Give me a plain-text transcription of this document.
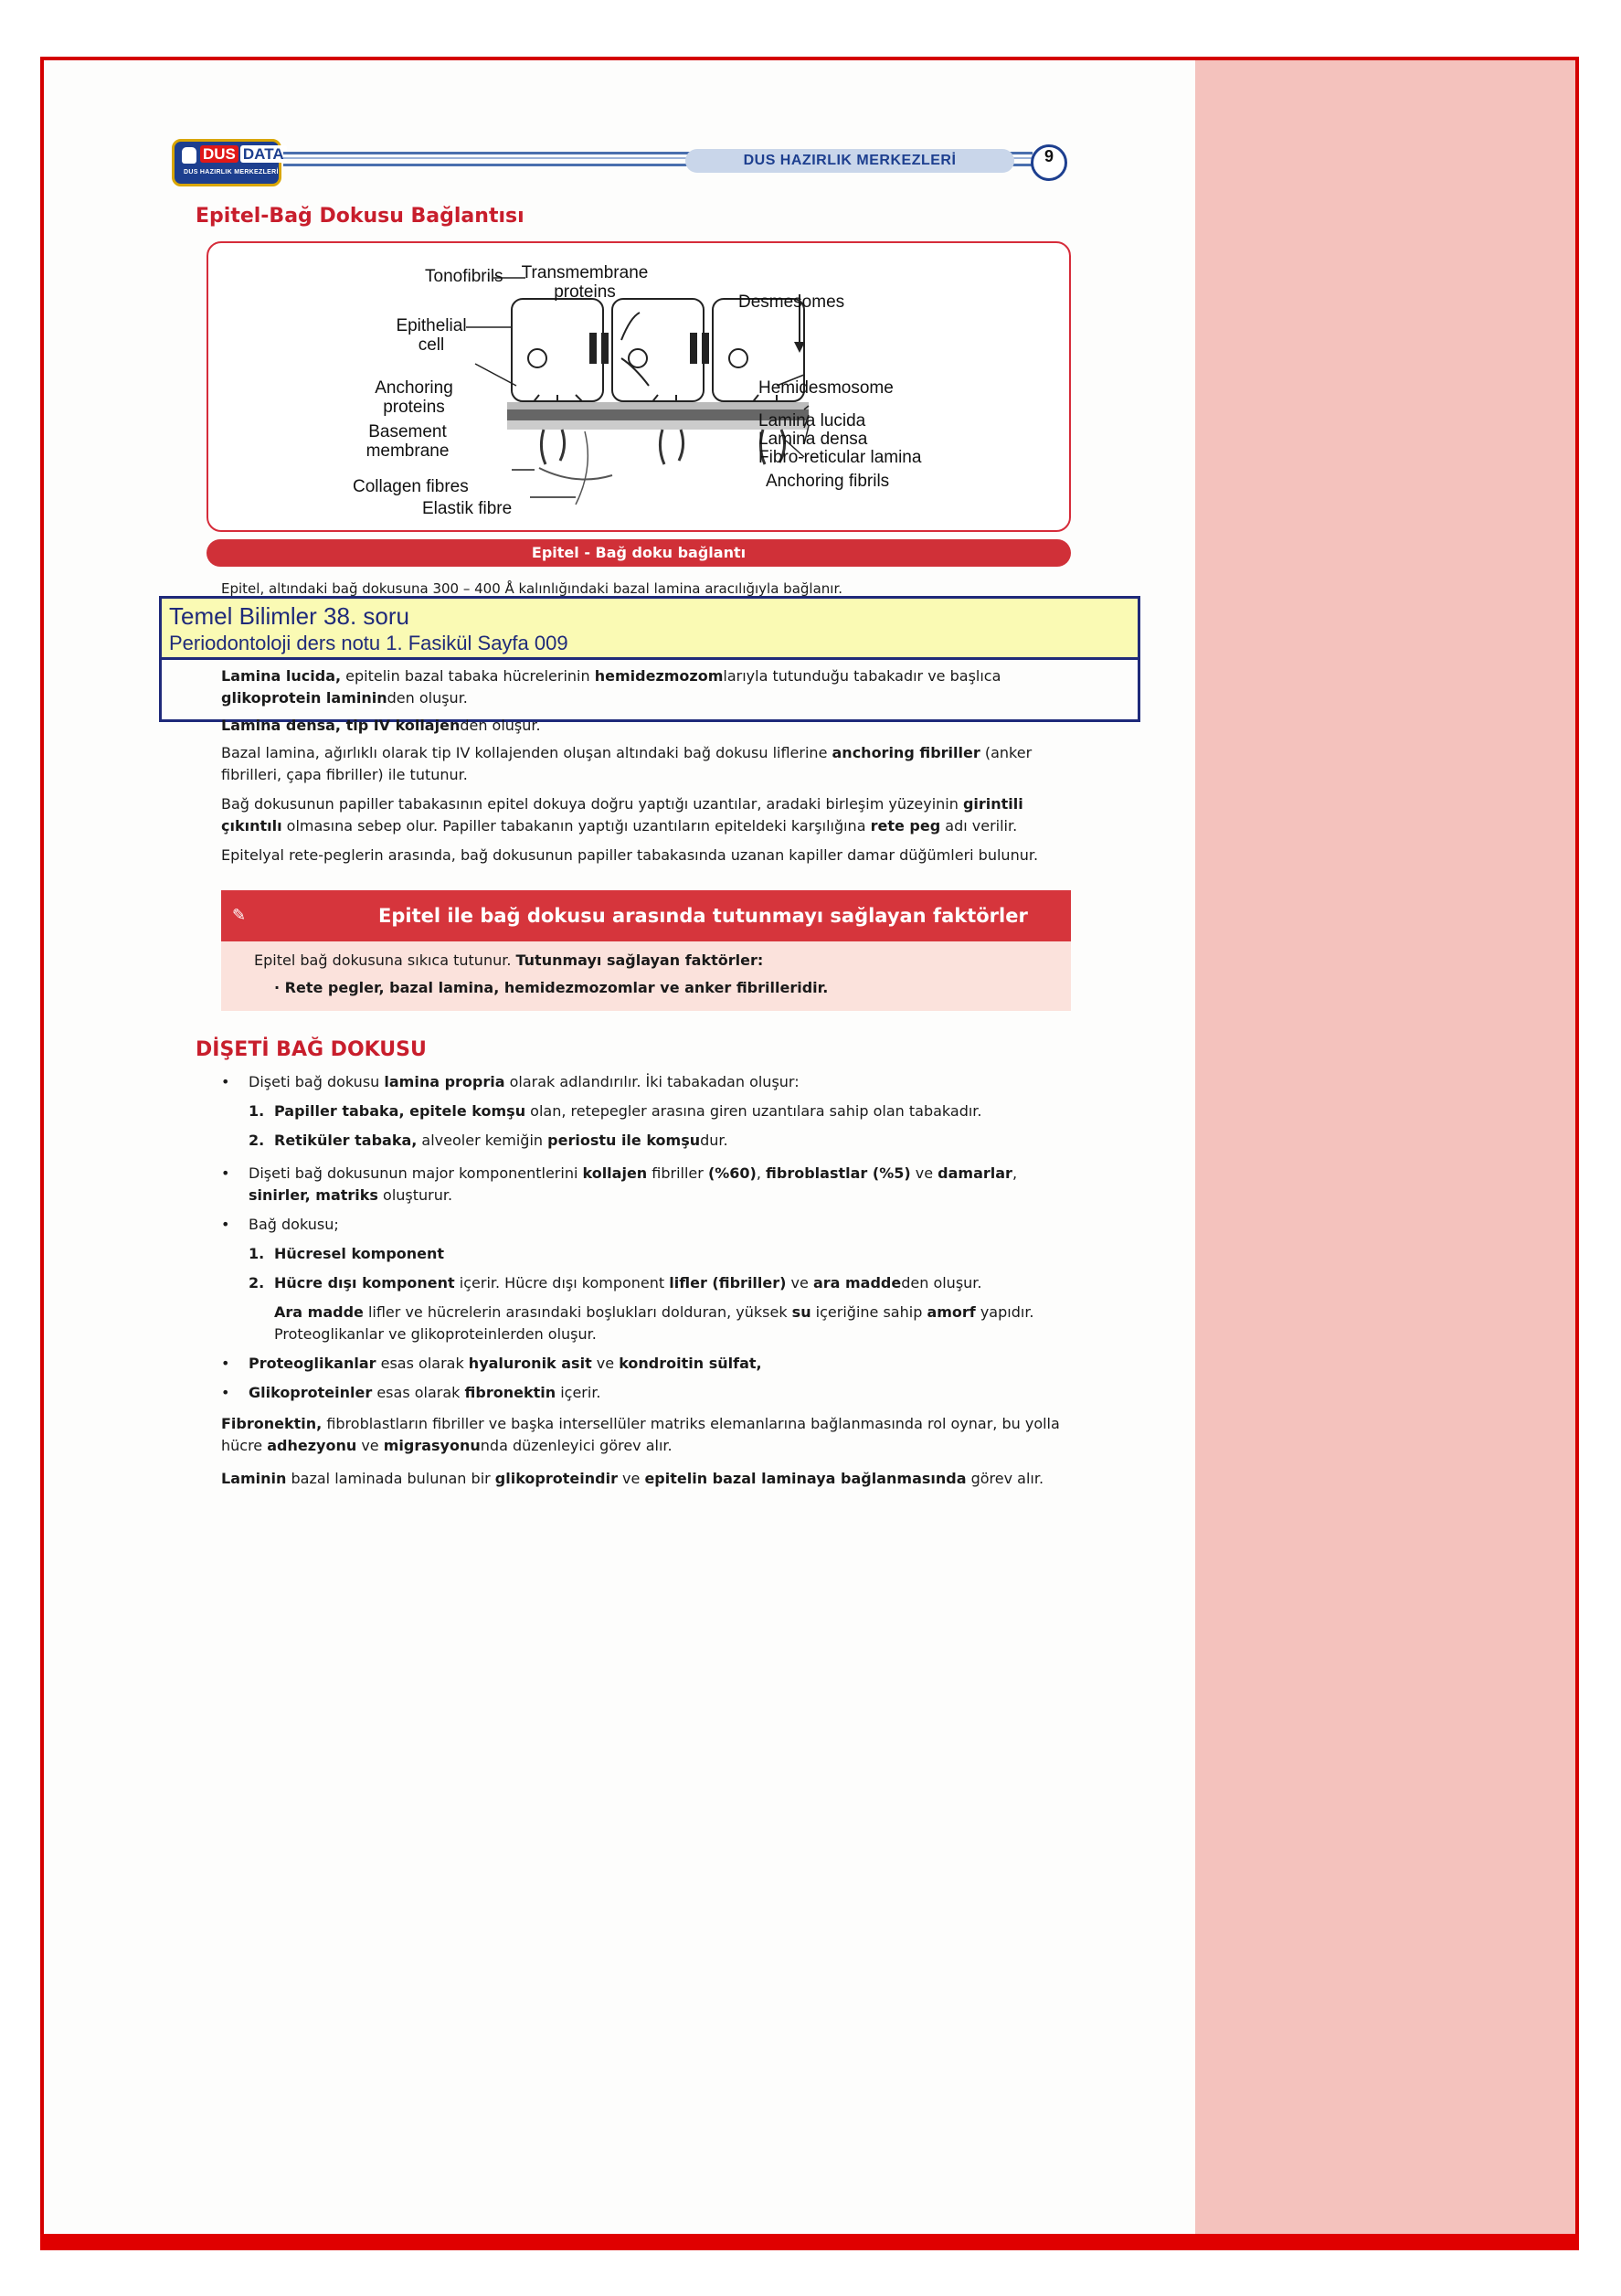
DUS DATA
DUS HAZIRLIK MERKEZLERİ
DUS HAZIRLIK MERKEZLERİ	9
Epitel-Bağ Dokusu Bağlantısı
Tonofibrils Transmembrane proteins
Desmesomes
Epithelial cell
Anchoring proteins
Basement membrane
Collagen fibres
Elastik fibre
Hemidesmosome
Lamina lucida
Lamina densa
Fibro-reticular lamina
Anchoring fibrils
Epitel - Bağ doku bağlantı
Epitel, altındaki bağ dokusuna 300 – 400 Å kalınlığındaki bazal lamina aracılığıyla bağlanır.
Temel Bilimler 38. soru
Periodontoloji ders notu 1. Fasikül Sayfa 009
Lamina lucida, epitelin bazal tabaka hücrelerinin hemidezmozomlarıyla tutunduğu tabakadır ve başlıca glikoprotein lamininden oluşur.
Lamina densa, tip IV kollajenden oluşur.
Bazal lamina, ağırlıklı olarak tip IV kollajenden oluşan altındaki bağ dokusu liflerine anchoring fibriller (anker fibrilleri, çapa fibriller) ile tutunur.
Bağ dokusunun papiller tabakasının epitel dokuya doğru yaptığı uzantılar, aradaki birleşim yüzeyinin girintili çıkıntılı olmasına sebep olur. Papiller tabakanın yaptığı uzantıların epiteldeki karşılığına rete peg adı verilir.
Epitelyal rete-peglerin arasında, bağ dokusunun papiller tabakasında uzanan kapiller damar düğümleri bulunur.
✎	Epitel ile bağ dokusu arasında tutunmayı sağlayan faktörler
Epitel bağ dokusuna sıkıca tutunur. Tutunmayı sağlayan faktörler:
· Rete pegler, bazal lamina, hemidezmozomlar ve anker fibrilleridir.
DİŞETİ BAĞ DOKUSU
• Dişeti bağ dokusu lamina propria olarak adlandırılır. İki tabakadan oluşur:
1. Papiller tabaka, epitele komşu olan, retepegler arasına giren uzantılara sahip olan tabakadır.
2. Retiküler tabaka, alveoler kemiğin periostu ile komşudur.
• Dişeti bağ dokusunun major komponentlerini kollajen fibriller (%60), fibroblastlar (%5) ve damarlar,
sinirler, matriks oluşturur.
• Bağ dokusu;
1. Hücresel komponent
2. Hücre dışı komponent içerir. Hücre dışı komponent lifler (fibriller) ve ara maddeden oluşur.
Ara madde lifler ve hücrelerin arasındaki boşlukları dolduran, yüksek su içeriğine sahip amorf yapıdır.
Proteoglikanlar ve glikoproteinlerden oluşur.
• Proteoglikanlar esas olarak hyaluronik asit ve kondroitin sülfat,
• Glikoproteinler esas olarak fibronektin içerir.
Fibronektin, fibroblastların fibriller ve başka intersellüler matriks elemanlarına bağlanmasında rol oynar, bu yolla
hücre adhezyonu ve migrasyonunda düzenleyici görev alır.
Laminin bazal laminada bulunan bir glikoproteindir ve epitelin bazal laminaya bağlanmasında görev alır.
